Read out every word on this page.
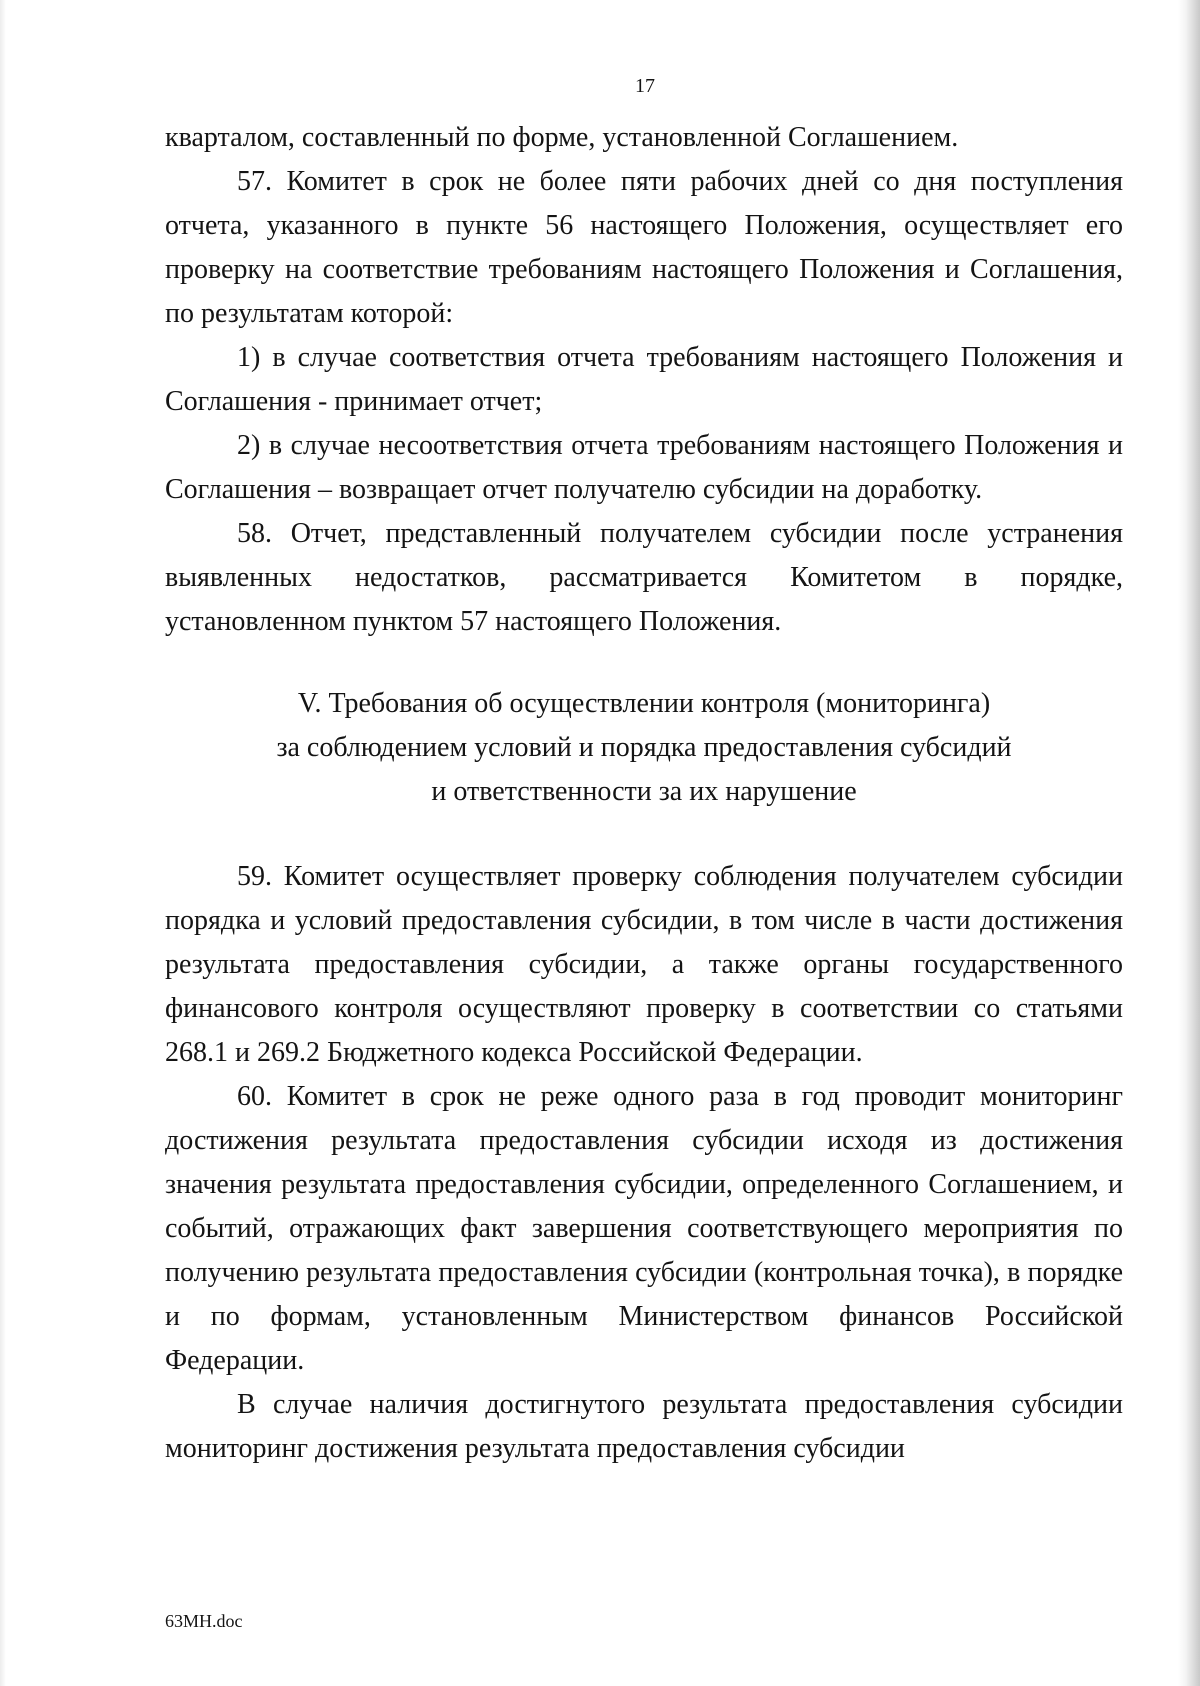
17

кварталом, составленный по форме, установленной Соглашением.

57. Комитет в срок не более пяти рабочих дней со дня поступления отчета, указанного в пункте 56 настоящего Положения, осуществляет его проверку на соответствие требованиям настоящего Положения и Соглашения, по результатам которой:

1) в случае соответствия отчета требованиям настоящего Положения и Соглашения - принимает отчет;

2) в случае несоответствия отчета требованиям настоящего Положения и Соглашения – возвращает отчет получателю субсидии на доработку.

58. Отчет, представленный получателем субсидии после устранения выявленных недостатков, рассматривается Комитетом в порядке, установленном пунктом 57 настоящего Положения.

V. Требования об осуществлении контроля (мониторинга)
за соблюдением условий и порядка предоставления субсидий
и ответственности за их нарушение

59. Комитет осуществляет проверку соблюдения получателем субсидии порядка и условий предоставления субсидии, в том числе в части достижения результата предоставления субсидии, а также органы государственного финансового контроля осуществляют проверку в соответствии со статьями 268.1 и 269.2 Бюджетного кодекса Российской Федерации.

60. Комитет в срок не реже одного раза в год проводит мониторинг достижения результата предоставления субсидии исходя из достижения значения результата предоставления субсидии, определенного Соглашением, и событий, отражающих факт завершения соответствующего мероприятия по получению результата предоставления субсидии (контрольная точка), в порядке и по формам, установленным Министерством финансов Российской Федерации.

В случае наличия достигнутого результата предоставления субсидии мониторинг достижения результата предоставления субсидии

63МН.doc
